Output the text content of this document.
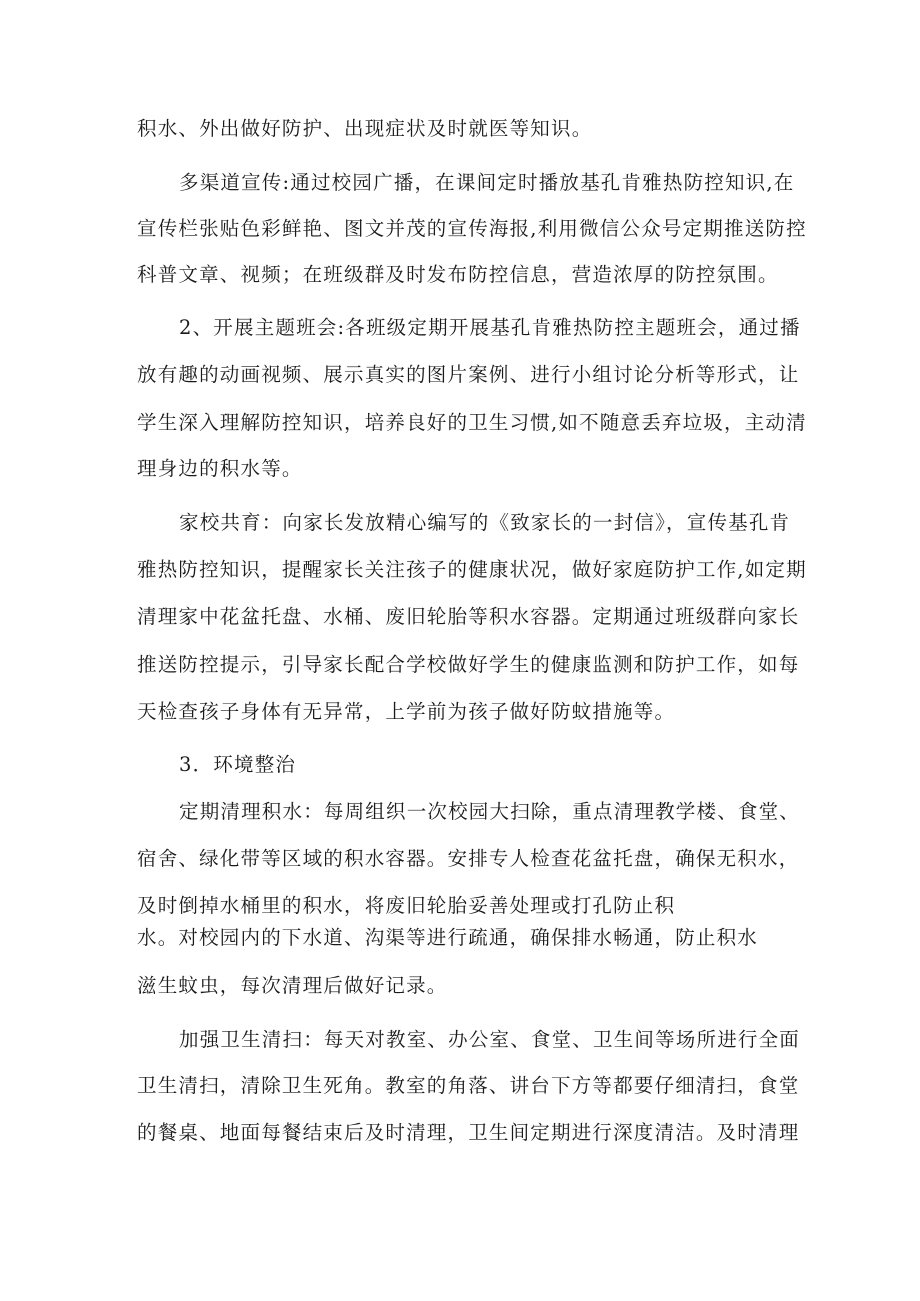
积水、外出做好防护、出现症状及时就医等知识。
多渠道宣传:通过校园广播，在课间定时播放基孔肯雅热防控知识,在
宣传栏张贴色彩鲜艳、图文并茂的宣传海报,利用微信公众号定期推送防控
科普文章、视频；在班级群及时发布防控信息，营造浓厚的防控氛围。
2、开展主题班会:各班级定期开展基孔肯雅热防控主题班会，通过播
放有趣的动画视频、展示真实的图片案例、进行小组讨论分析等形式，让
学生深入理解防控知识，培养良好的卫生习惯,如不随意丢弃垃圾，主动清
理身边的积水等。
家校共育：向家长发放精心编写的《致家长的一封信》，宣传基孔肯
雅热防控知识，提醒家长关注孩子的健康状况，做好家庭防护工作,如定期
清理家中花盆托盘、水桶、废旧轮胎等积水容器。定期通过班级群向家长
推送防控提示，引导家长配合学校做好学生的健康监测和防护工作，如每
天检查孩子身体有无异常，上学前为孩子做好防蚊措施等。
3．环境整治
定期清理积水：每周组织一次校园大扫除，重点清理教学楼、食堂、
宿舍、绿化带等区域的积水容器。安排专人检查花盆托盘，确保无积水，
及时倒掉水桶里的积水，将废旧轮胎妥善处理或打孔防止积
水。对校园内的下水道、沟渠等进行疏通，确保排水畅通，防止积水
滋生蚊虫，每次清理后做好记录。
加强卫生清扫：每天对教室、办公室、食堂、卫生间等场所进行全面
卫生清扫，清除卫生死角。教室的角落、讲台下方等都要仔细清扫，食堂
的餐桌、地面每餐结束后及时清理，卫生间定期进行深度清洁。及时清理
